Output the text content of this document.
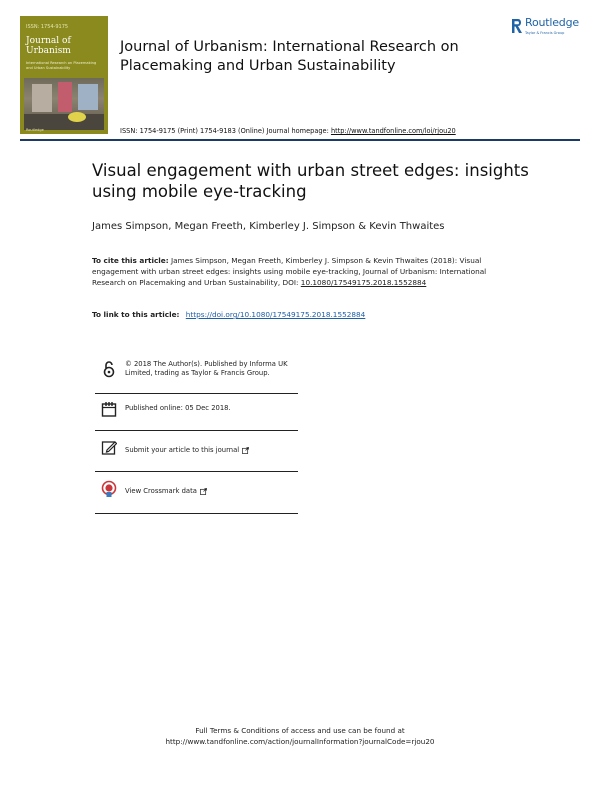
ISSN: 1754-9175
Journal of
Urbanism
International Research on Placemaking and Urban Sustainability
Routledge
Journal of Urbanism: International Research on Placemaking and Urban Sustainability
Routledge
Taylor & Francis Group
ISSN: 1754-9175 (Print) 1754-9183 (Online) Journal homepage: http://www.tandfonline.com/loi/rjou20
Visual engagement with urban street edges: insights using mobile eye-tracking
James Simpson, Megan Freeth, Kimberley J. Simpson & Kevin Thwaites
To cite this article: James Simpson, Megan Freeth, Kimberley J. Simpson & Kevin Thwaites (2018): Visual engagement with urban street edges: insights using mobile eye-tracking, Journal of Urbanism: International Research on Placemaking and Urban Sustainability, DOI: 10.1080/17549175.2018.1552884
To link to this article: https://doi.org/10.1080/17549175.2018.1552884
© 2018 The Author(s). Published by Informa UK Limited, trading as Taylor & Francis Group.
Published online: 05 Dec 2018.
Submit your article to this journal
View Crossmark data
Full Terms & Conditions of access and use can be found at
http://www.tandfonline.com/action/journalInformation?journalCode=rjou20
